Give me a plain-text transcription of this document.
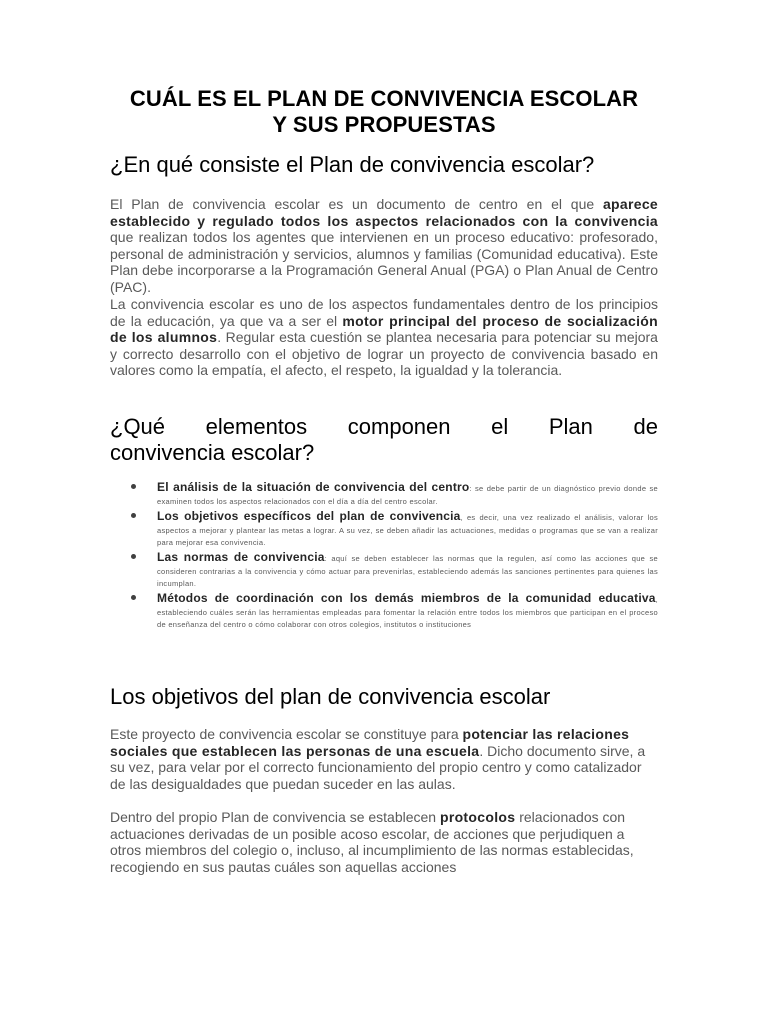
CUÁL ES EL PLAN DE CONVIVENCIA ESCOLAR
Y SUS PROPUESTAS
¿En qué consiste el Plan de convivencia escolar?

El Plan de convivencia escolar es un documento de centro en el que aparece establecido y regulado todos los aspectos relacionados con la convivencia que realizan todos los agentes que intervienen en un proceso educativo: profesorado, personal de administración y servicios, alumnos y familias (Comunidad educativa). Este Plan debe incorporarse a la Programación General Anual (PGA) o Plan Anual de Centro (PAC).

La convivencia escolar es uno de los aspectos fundamentales dentro de los principios de la educación, ya que va a ser el motor principal del proceso de socialización de los alumnos. Regular esta cuestión se plantea necesaria para potenciar su mejora y correcto desarrollo con el objetivo de lograr un proyecto de convivencia basado en valores como la empatía, el afecto, el respeto, la igualdad y la tolerancia.

¿Qué elementos componen el Plan de
convivencia escolar?
El análisis de la situación de convivencia del centro: se debe partir de un diagnóstico previo donde se examinen todos los aspectos relacionados con el día a día del centro escolar.
Los objetivos específicos del plan de convivencia, es decir, una vez realizado el análisis, valorar los aspectos a mejorar y plantear las metas a lograr. A su vez, se deben añadir las actuaciones, medidas o programas que se van a realizar para mejorar esa convivencia.
Las normas de convivencia: aquí se deben establecer las normas que la regulen, así como las acciones que se consideren contrarias a la convivencia y cómo actuar para prevenirlas, estableciendo además las sanciones pertinentes para quienes las incumplan.
Métodos de coordinación con los demás miembros de la comunidad educativa, estableciendo cuáles serán las herramientas empleadas para fomentar la relación entre todos los miembros que participan en el proceso de enseñanza del centro o cómo colaborar con otros colegios, institutos o instituciones
Los objetivos del plan de convivencia escolar

Este proyecto de convivencia escolar se constituye para potenciar las relaciones sociales que establecen las personas de una escuela. Dicho documento sirve, a su vez, para velar por el correcto funcionamiento del propio centro y como catalizador de las desigualdades que puedan suceder en las aulas.

Dentro del propio Plan de convivencia se establecen protocolos relacionados con actuaciones derivadas de un posible acoso escolar, de acciones que perjudiquen a otros miembros del colegio o, incluso, al incumplimiento de las normas establecidas, recogiendo en sus pautas cuáles son aquellas acciones
